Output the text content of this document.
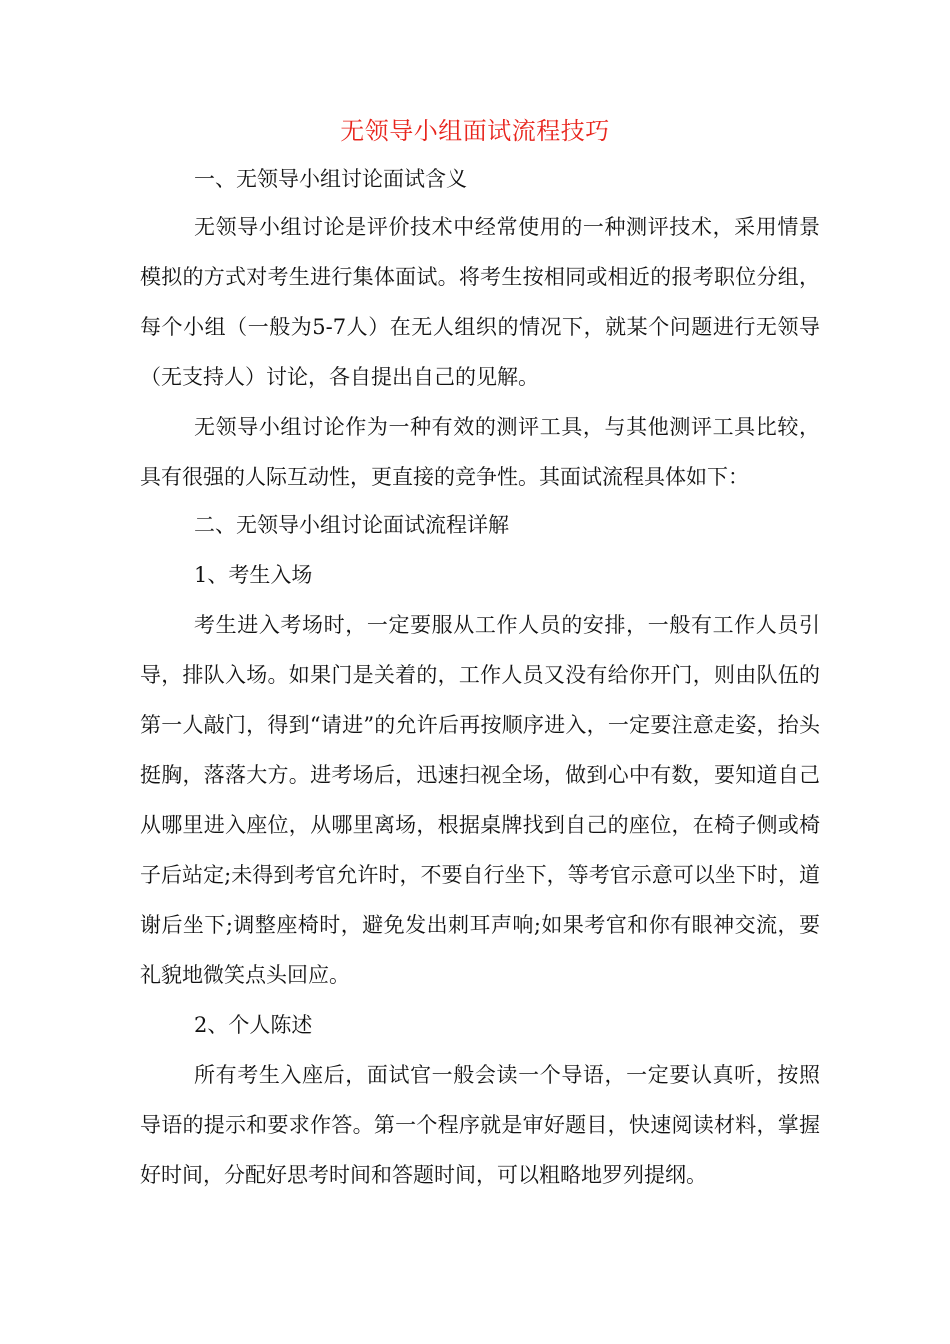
无领导小组面试流程技巧

一、无领导小组讨论面试含义

无领导小组讨论是评价技术中经常使用的一种测评技术，采用情景模拟的方式对考生进行集体面试。将考生按相同或相近的报考职位分组，每个小组（一般为5-7人）在无人组织的情况下，就某个问题进行无领导（无支持人）讨论，各自提出自己的见解。

无领导小组讨论作为一种有效的测评工具，与其他测评工具比较，具有很强的人际互动性，更直接的竞争性。其面试流程具体如下：

二、无领导小组讨论面试流程详解

1、考生入场

考生进入考场时，一定要服从工作人员的安排，一般有工作人员引导，排队入场。如果门是关着的，工作人员又没有给你开门，则由队伍的第一人敲门，得到“请进”的允许后再按顺序进入，一定要注意走姿，抬头挺胸，落落大方。进考场后，迅速扫视全场，做到心中有数，要知道自己从哪里进入座位，从哪里离场，根据桌牌找到自己的座位，在椅子侧或椅子后站定;未得到考官允许时，不要自行坐下，等考官示意可以坐下时，道谢后坐下;调整座椅时，避免发出刺耳声响;如果考官和你有眼神交流，要礼貌地微笑点头回应。

2、个人陈述

所有考生入座后，面试官一般会读一个导语，一定要认真听，按照导语的提示和要求作答。第一个程序就是审好题目，快速阅读材料，掌握好时间，分配好思考时间和答题时间，可以粗略地罗列提纲。
